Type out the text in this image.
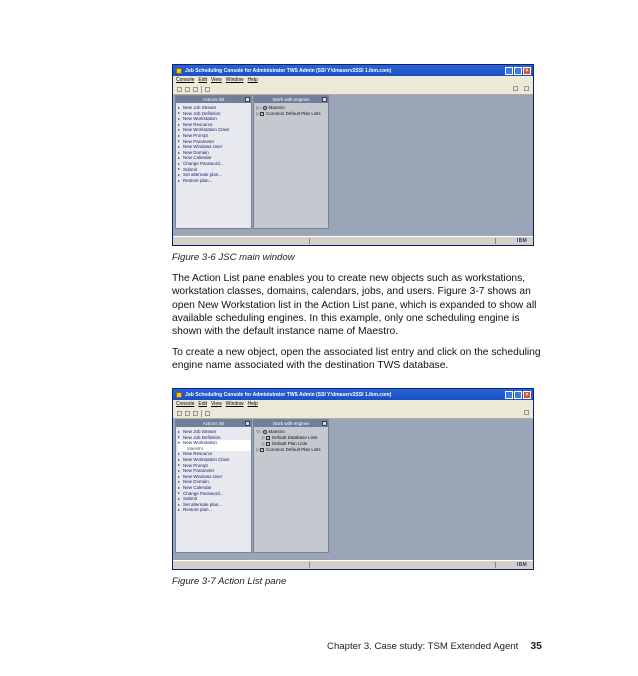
Job Scheduling Console for Administrator TWS Admin (SSI Y!dmaserv2SSI 1.ibm.com)	×
Console Edit View Window Help
Actions list
New Job Stream
New Job Definition
New Workstation
New Resource
New Workstation Class
New Prompt
New Parameter
New Windows User
New Domain
New Calendar
Change Password...
Submit
Set alternate plan...
Restore plan...
Work with engines
▷○ Maestro
▷ Common Default Plan Lists
IBM
Figure 3-6 JSC main window

The Action List pane enables you to create new objects such as workstations, workstation classes, domains, calendars, jobs, and users. Figure 3-7 shows an open New Workstation list in the Action List pane, which is expanded to show all available scheduling engines. In this example, only one scheduling engine is shown with the default instance name of Maestro.

To create a new object, open the associated list entry and click on the scheduling engine name associated with the destination TWS database.

Job Scheduling Console for Administrator TWS Admin (SSI Y!dmaserv2SSI 1.ibm.com)	×
Console Edit View Window Help
Actions list
New Job Stream
New Job Definition
New Workstation
Maestro
New Resource
New Workstation Class
New Prompt
New Parameter
New Windows User
New Domain
New Calendar
Change Password...
Submit
Set alternate plan...
Restore plan...
Work with engines
▽○ Maestro
▷ Default Database Lists
▷ Default Plan Lists
▷ Common Default Plan Lists
IBM
Figure 3-7 Action List pane
Chapter 3. Case study: TSM Extended Agent 35
